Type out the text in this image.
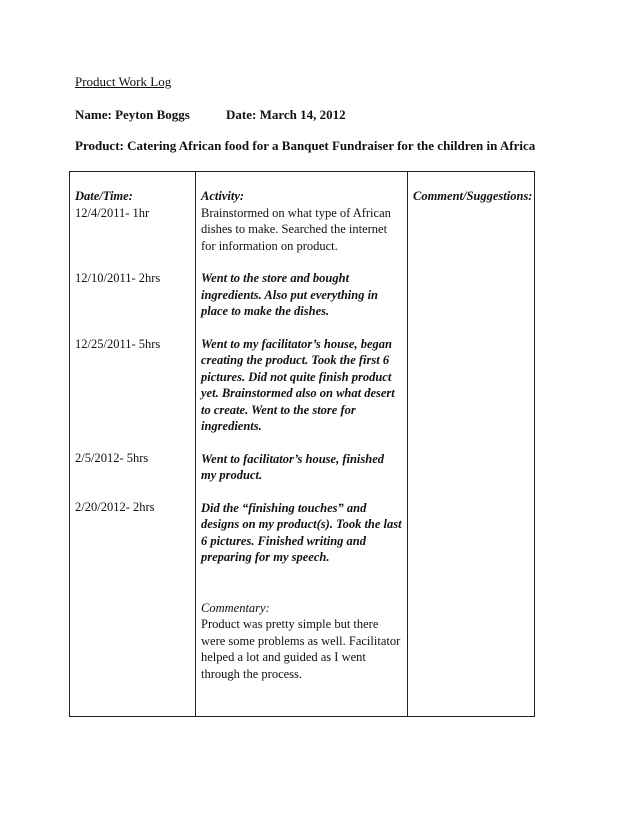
Product Work Log
Name: Peyton Boggs	Date: March 14, 2012
Product: Catering African food for a Banquet Fundraiser for the children in Africa
Date/Time:
12/4/2011- 1hr
12/10/2011- 2hrs
12/25/2011- 5hrs
2/5/2012- 5hrs
2/20/2012- 2hrs
Activity:
Brainstormed on what type of African
dishes to make. Searched the internet
for information on product.
Went to the store and bought
ingredients. Also put everything in
place to make the dishes.
Went to my facilitator’s house, began
creating the product. Took the first 6
pictures. Did not quite finish product
yet. Brainstormed also on what desert
to create. Went to the store for
ingredients.
Went to facilitator’s house, finished
my product.
Did the “finishing touches” and
designs on my product(s). Took the last
6 pictures. Finished writing and
preparing for my speech.
Commentary:
Product was pretty simple but there
were some problems as well. Facilitator
helped a lot and guided as I went
through the process.
Comment/Suggestions:
